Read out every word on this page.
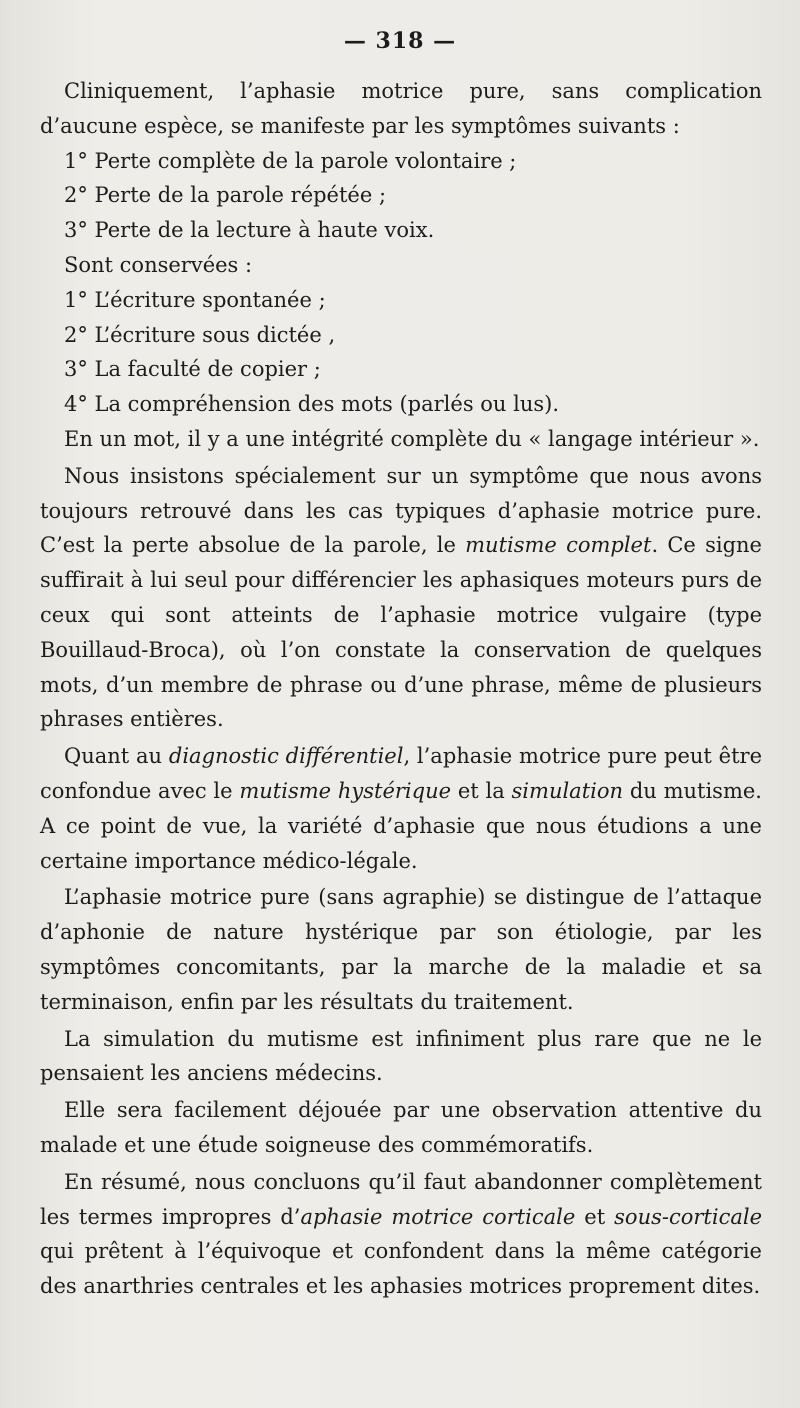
— 318 —

Cliniquement, l’aphasie motrice pure, sans complication d’aucune espèce, se manifeste par les symptômes suivants :

1° Perte complète de la parole volontaire ;

2° Perte de la parole répétée ;

3° Perte de la lecture à haute voix.

Sont conservées :

1° L’écriture spontanée ;

2° L’écriture sous dictée ,

3° La faculté de copier ;

4° La compréhension des mots (parlés ou lus).

En un mot, il y a une intégrité complète du « langage intérieur ».

Nous insistons spécialement sur un symptôme que nous avons toujours retrouvé dans les cas typiques d’aphasie motrice pure. C’est la perte absolue de la parole, le mutisme complet. Ce signe suffirait à lui seul pour différencier les aphasiques moteurs purs de ceux qui sont atteints de l’aphasie motrice vulgaire (type Bouillaud-Broca), où l’on constate la conservation de quelques mots, d’un membre de phrase ou d’une phrase, même de plusieurs phrases entières.

Quant au diagnostic différentiel, l’aphasie motrice pure peut être confondue avec le mutisme hystérique et la simulation du mutisme. A ce point de vue, la variété d’aphasie que nous étudions a une certaine importance médico-légale.

L’aphasie motrice pure (sans agraphie) se distingue de l’attaque d’aphonie de nature hystérique par son étiologie, par les symptômes concomitants, par la marche de la maladie et sa terminaison, enfin par les résultats du traitement.

La simulation du mutisme est infiniment plus rare que ne le pensaient les anciens médecins.

Elle sera facilement déjouée par une observation attentive du malade et une étude soigneuse des commémoratifs.

En résumé, nous concluons qu’il faut abandonner complètement les termes impropres d’aphasie motrice corticale et sous-corticale qui prêtent à l’équivoque et confondent dans la même catégorie des anarthries centrales et les aphasies motrices proprement dites.
